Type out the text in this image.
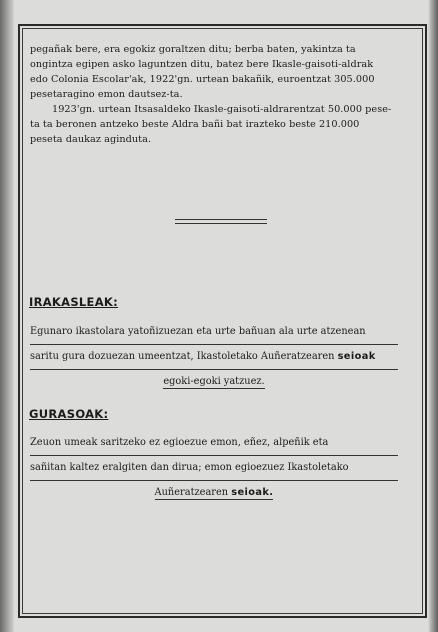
pegañak bere, era egokiz goraltzen ditu; berba baten, yakintza ta
ongintza egipen asko laguntzen ditu, batez bere Ikasle-gaisoti-aldrak
edo Colonia Escolar'ak, 1922'gn. urtean bakañik, euroentzat 305.000
pesetaragino emon dautsez-ta.
1923'gn. urtean Itsasaldeko Ikasle-gaisoti-aldrarentzat 50.000 pese-
ta ta beronen antzeko beste Aldra bañi bat irazteko beste 210.000
peseta daukaz agindutа.
IRAKASLEAK:
Egunaro ikastolara yatoñizuezan eta urte bañuan ala urte atzenean
saritu gura dozuezan umeentzat, Ikastoletako Auñeratzearen seioak
egoki-egoki yatzuez.
GURASOAK:
Zeuon umeak saritzeko ez egioezue emon, eñez, alpeñik eta
sañitan kaltez eralgiten dan dirua; emon egioezuez Ikastoletako
Auñeratzearen seioak.
